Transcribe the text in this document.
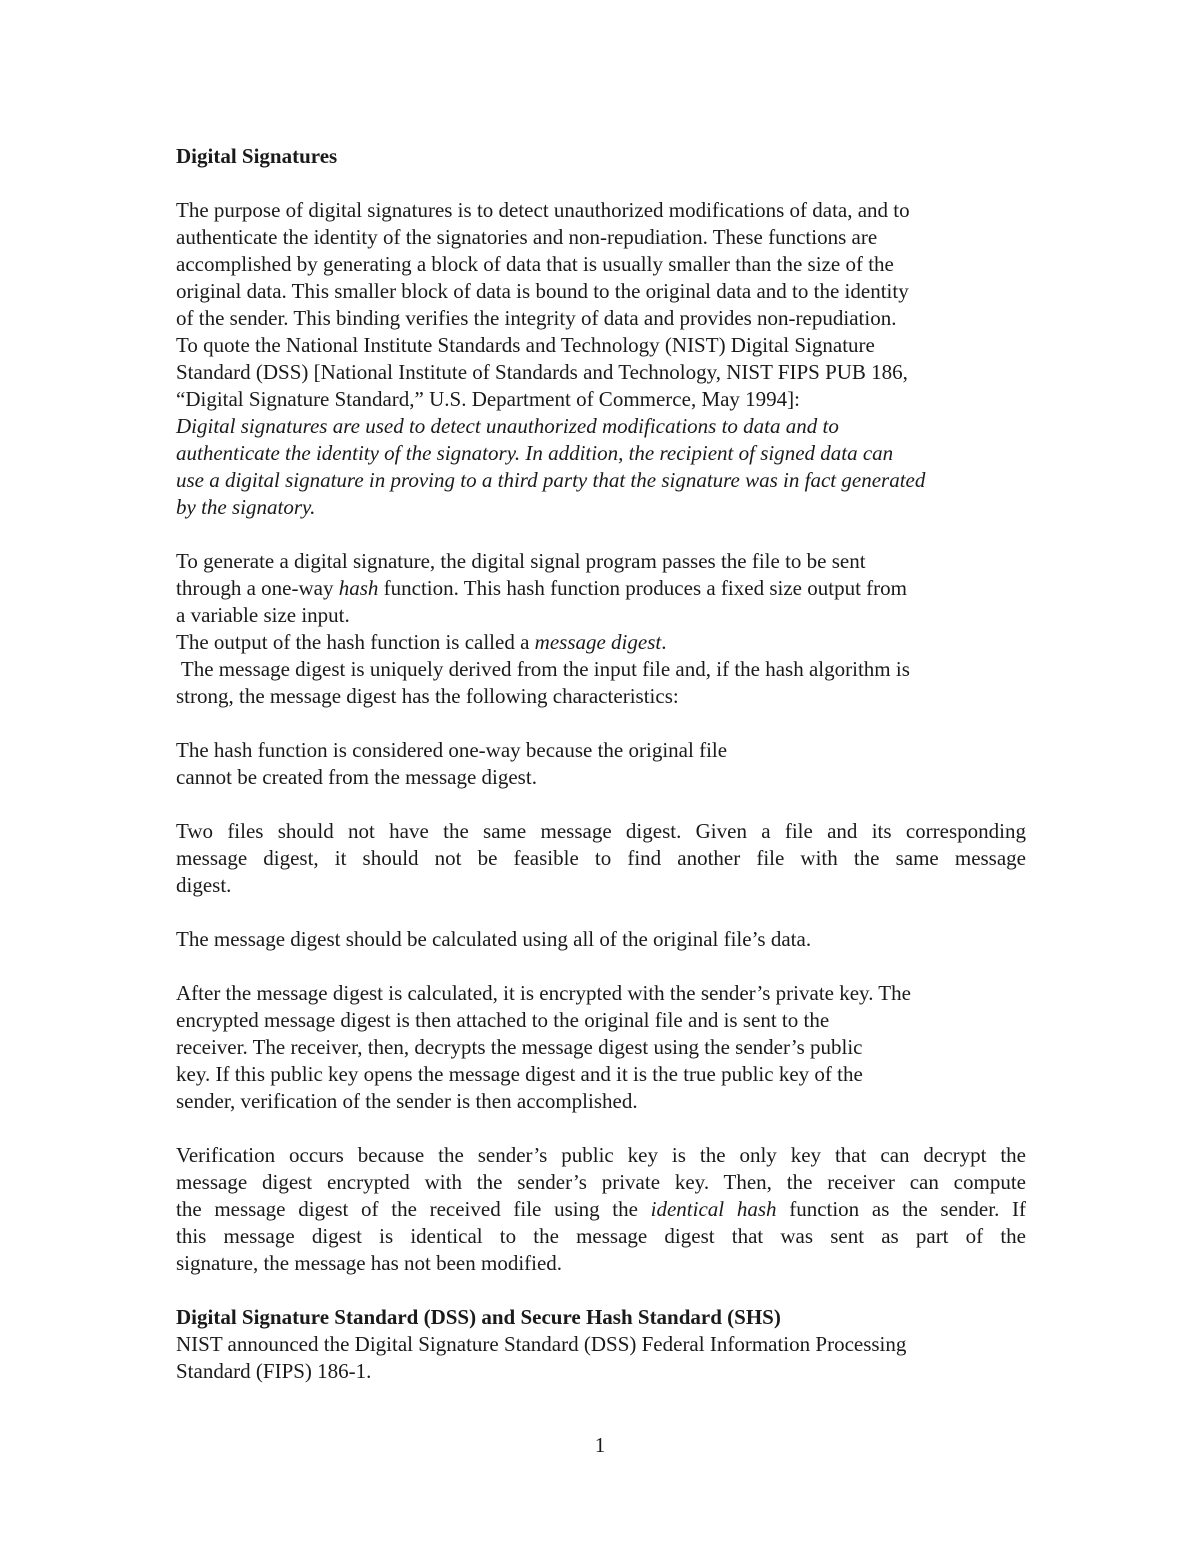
Digital Signatures
The purpose of digital signatures is to detect unauthorized modifications of data, and to
authenticate the identity of the signatories and non-repudiation. These functions are
accomplished by generating a block of data that is usually smaller than the size of the
original data. This smaller block of data is bound to the original data and to the identity
of the sender. This binding verifies the integrity of data and provides non-repudiation.
To quote the National Institute Standards and Technology (NIST) Digital Signature
Standard (DSS) [National Institute of Standards and Technology, NIST FIPS PUB 186,
“Digital Signature Standard,” U.S. Department of Commerce, May 1994]:
Digital signatures are used to detect unauthorized modifications to data and to
authenticate the identity of the signatory. In addition, the recipient of signed data can
use a digital signature in proving to a third party that the signature was in fact generated
by the signatory.
To generate a digital signature, the digital signal program passes the file to be sent
through a one-way hash function. This hash function produces a fixed size output from
a variable size input.
The output of the hash function is called a message digest.
The message digest is uniquely derived from the input file and, if the hash algorithm is
strong, the message digest has the following characteristics:
The hash function is considered one-way because the original file
cannot be created from the message digest.
Two files should not have the same message digest. Given a file and its corresponding
message digest, it should not be feasible to find another file with the same message
digest.
The message digest should be calculated using all of the original file’s data.
After the message digest is calculated, it is encrypted with the sender’s private key. The
encrypted message digest is then attached to the original file and is sent to the
receiver. The receiver, then, decrypts the message digest using the sender’s public
key. If this public key opens the message digest and it is the true public key of the
sender, verification of the sender is then accomplished.
Verification occurs because the sender’s public key is the only key that can decrypt the
message digest encrypted with the sender’s private key. Then, the receiver can compute
the message digest of the received file using the identical hash function as the sender. If
this message digest is identical to the message digest that was sent as part of the
signature, the message has not been modified.
Digital Signature Standard (DSS) and Secure Hash Standard (SHS)
NIST announced the Digital Signature Standard (DSS) Federal Information Processing
Standard (FIPS) 186-1.
1
